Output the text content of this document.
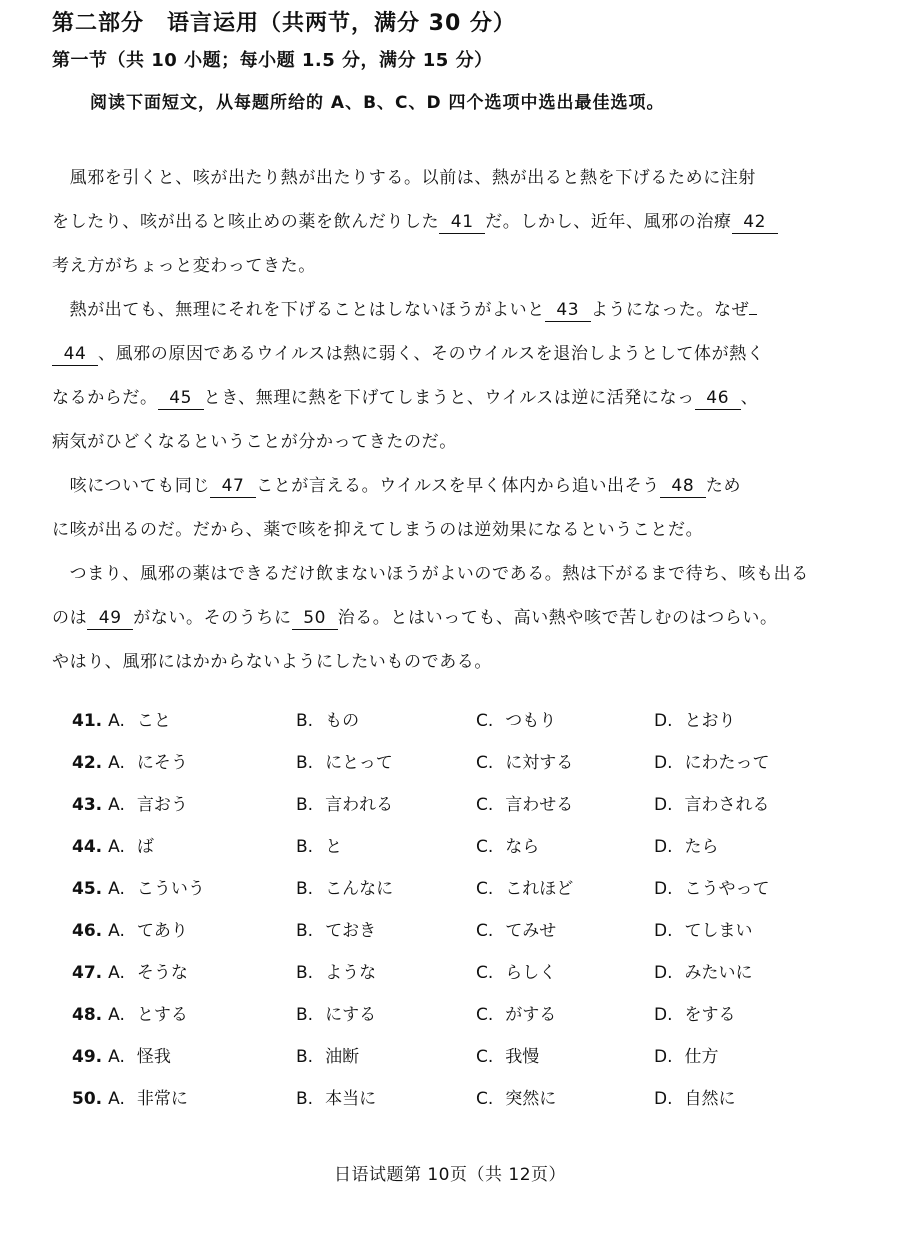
第二部分　语言运用（共两节，满分 30 分）
第一节（共 10 小题；每小题 1.5 分，满分 15 分）
阅读下面短文，从每题所给的 A、B、C、D 四个选项中选出最佳选项。
　風邪を引くと、咳が出たり熱が出たりする。以前は、熱が出ると熱を下げるために注射
をしたり、咳が出ると咳止めの薬を飲んだりした 41 だ。しかし、近年、風邪の治療 42
考え方がちょっと変わってきた。
　熱が出ても、無理にそれを下げることはしないほうがよいと 43 ようになった。なぜ
44 、風邪の原因であるウイルスは熱に弱く、そのウイルスを退治しようとして体が熱く
なるからだ。 45 とき、無理に熱を下げてしまうと、ウイルスは逆に活発になっ 46 、
病気がひどくなるということが分かってきたのだ。
　咳についても同じ 47 ことが言える。ウイルスを早く体内から追い出そう 48 ため
に咳が出るのだ。だから、薬で咳を抑えてしまうのは逆効果になるということだ。
　つまり、風邪の薬はできるだけ飲まないほうがよいのである。熱は下がるまで待ち、咳も出る
のは 49 がない。そのうちに 50 治る。とはいっても、高い熱や咳で苦しむのはつらい。
やはり、風邪にはかからないようにしたいものである。
41. A. こと	B. もの	C. つもり	D. とおり
42. A. にそう	B. にとって	C. に対する	D. にわたって
43. A. 言おう	B. 言われる	C. 言わせる	D. 言わされる
44. A. ば	B. と	C. なら	D. たら
45. A. こういう	B. こんなに	C. これほど	D. こうやって
46. A. てあり	B. ておき	C. てみせ	D. てしまい
47. A. そうな	B. ような	C. らしく	D. みたいに
48. A. とする	B. にする	C. がする	D. をする
49. A. 怪我	B. 油断	C. 我慢	D. 仕方
50. A. 非常に	B. 本当に	C. 突然に	D. 自然に
日语试题第 10页（共 12页）
